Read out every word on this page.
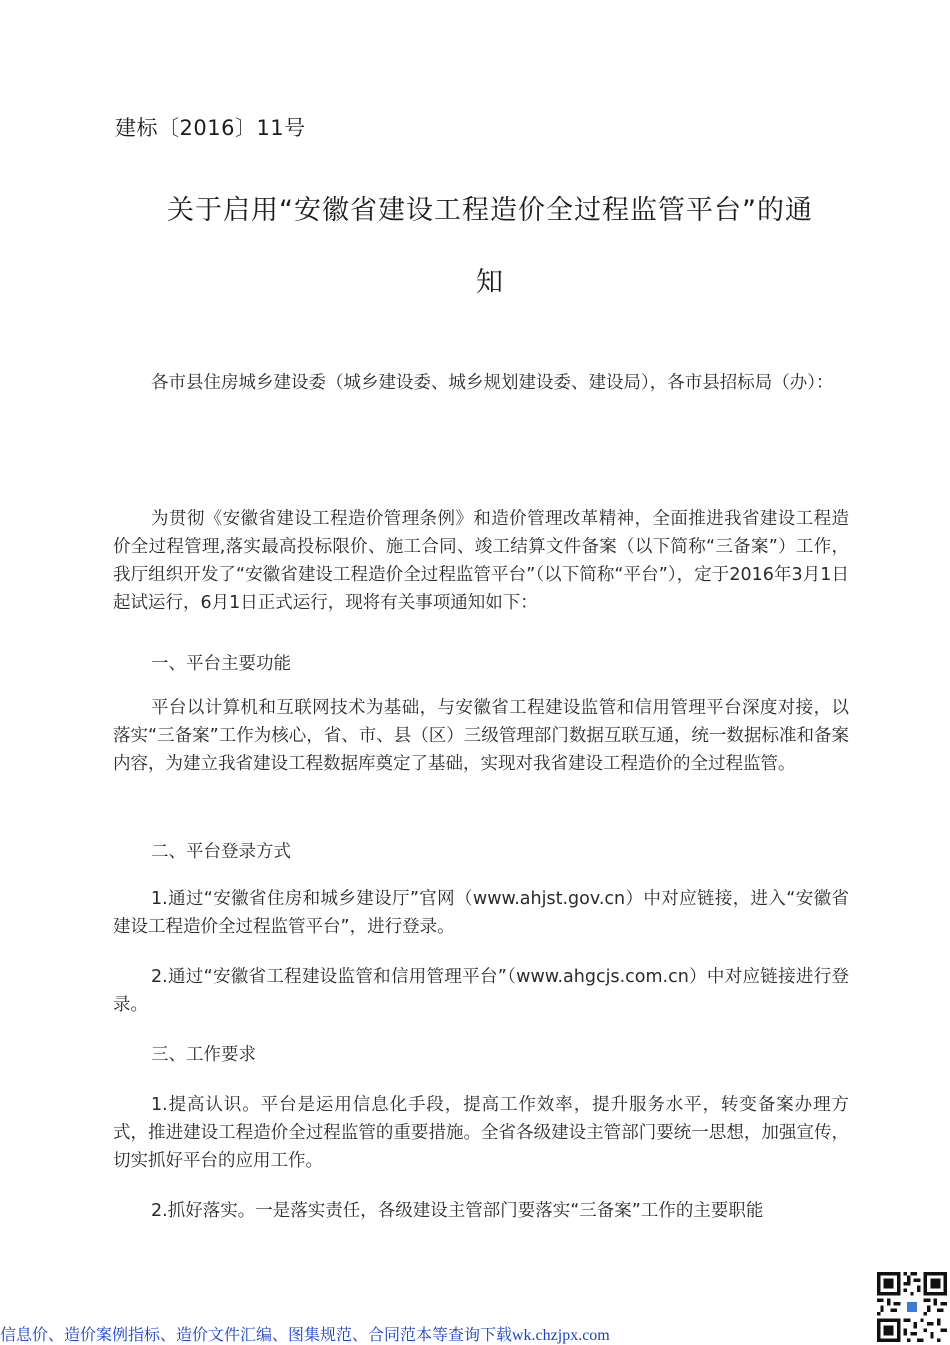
建标〔2016〕11号
关于启用“安徽省建设工程造价全过程监管平台”的通
知

各市县住房城乡建设委（城乡建设委、城乡规划建设委、建设局），各市县招标局（办）：

为贯彻《安徽省建设工程造价管理条例》和造价管理改革精神，全面推进我省建设工程造价全过程管理,落实最高投标限价、施工合同、竣工结算文件备案（以下简称“三备案”）工作，我厅组织开发了“安徽省建设工程造价全过程监管平台”（以下简称“平台”），定于2016年3月1日起试运行，6月1日正式运行，现将有关事项通知如下：

一、平台主要功能

平台以计算机和互联网技术为基础，与安徽省工程建设监管和信用管理平台深度对接，以落实“三备案”工作为核心，省、市、县（区）三级管理部门数据互联互通，统一数据标准和备案内容，为建立我省建设工程数据库奠定了基础，实现对我省建设工程造价的全过程监管。

二、平台登录方式

1.通过“安徽省住房和城乡建设厅”官网（www.ahjst.gov.cn）中对应链接，进入“安徽省建设工程造价全过程监管平台”，进行登录。

2.通过“安徽省工程建设监管和信用管理平台”（www.ahgcjs.com.cn）中对应链接进行登录。

三、工作要求

1.提高认识。平台是运用信息化手段，提高工作效率，提升服务水平，转变备案办理方式，推进建设工程造价全过程监管的重要措施。全省各级建设主管部门要统一思想，加强宣传，切实抓好平台的应用工作。

2.抓好落实。一是落实责任，各级建设主管部门要落实“三备案”工作的主要职能

信息价、造价案例指标、造价文件汇编、图集规范、合同范本等查询下载wk.chzjpx.com
